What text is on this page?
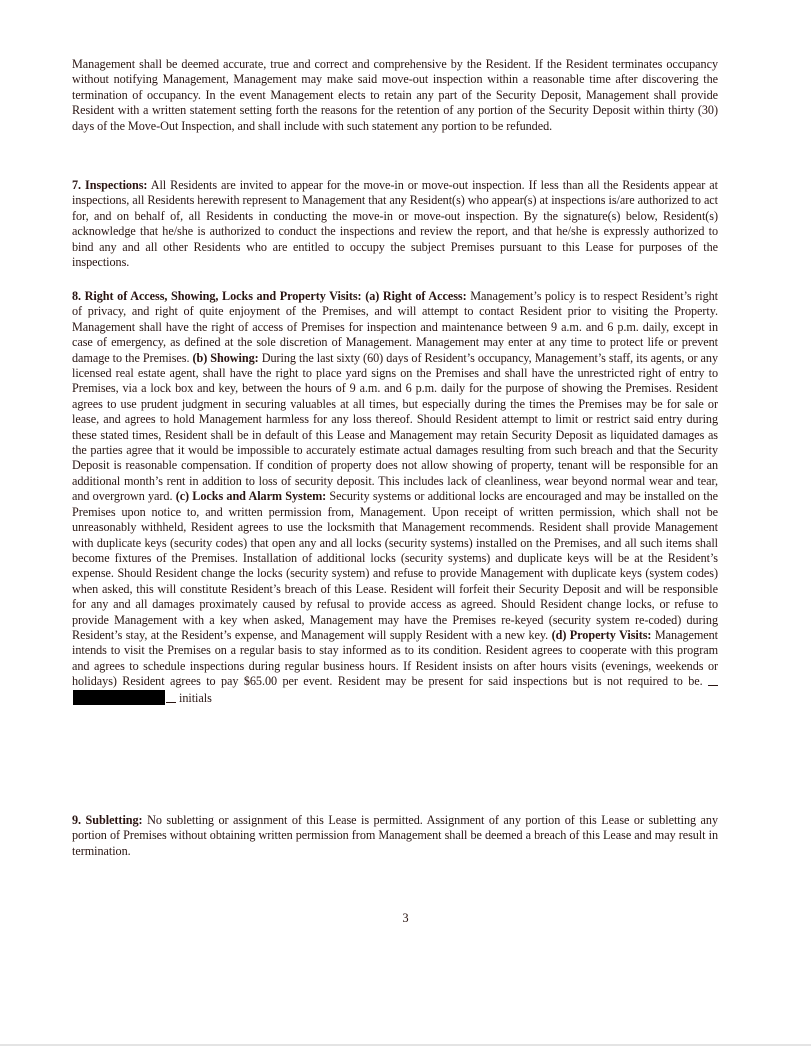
Management shall be deemed accurate, true and correct and comprehensive by the Resident. If the Resident terminates occupancy without notifying Management, Management may make said move-out inspection within a reasonable time after discovering the termination of occupancy. In the event Management elects to retain any part of the Security Deposit, Management shall provide Resident with a written statement setting forth the reasons for the retention of any portion of the Security Deposit within thirty (30) days of the Move-Out Inspection, and shall include with such statement any portion to be refunded.

7. Inspections: All Residents are invited to appear for the move-in or move-out inspection. If less than all the Residents appear at inspections, all Residents herewith represent to Management that any Resident(s) who appear(s) at inspections is/are authorized to act for, and on behalf of, all Residents in conducting the move-in or move-out inspection. By the signature(s) below, Resident(s) acknowledge that he/she is authorized to conduct the inspections and review the report, and that he/she is expressly authorized to bind any and all other Residents who are entitled to occupy the subject Premises pursuant to this Lease for purposes of the inspections.

8. Right of Access, Showing, Locks and Property Visits: (a) Right of Access: Management’s policy is to respect Resident’s right of privacy, and right of quite enjoyment of the Premises, and will attempt to contact Resident prior to visiting the Property. Management shall have the right of access of Premises for inspection and maintenance between 9 a.m. and 6 p.m. daily, except in case of emergency, as defined at the sole discretion of Management. Management may enter at any time to protect life or prevent damage to the Premises. (b) Showing: During the last sixty (60) days of Resident’s occupancy, Management’s staff, its agents, or any licensed real estate agent, shall have the right to place yard signs on the Premises and shall have the unrestricted right of entry to Premises, via a lock box and key, between the hours of 9 a.m. and 6 p.m. daily for the purpose of showing the Premises. Resident agrees to use prudent judgment in securing valuables at all times, but especially during the times the Premises may be for sale or lease, and agrees to hold Management harmless for any loss thereof. Should Resident attempt to limit or restrict said entry during these stated times, Resident shall be in default of this Lease and Management may retain Security Deposit as liquidated damages as the parties agree that it would be impossible to accurately estimate actual damages resulting from such breach and that the Security Deposit is reasonable compensation. If condition of property does not allow showing of property, tenant will be responsible for an additional month’s rent in addition to loss of security deposit. This includes lack of cleanliness, wear beyond normal wear and tear, and overgrown yard. (c) Locks and Alarm System: Security systems or additional locks are encouraged and may be installed on the Premises upon notice to, and written permission from, Management. Upon receipt of written permission, which shall not be unreasonably withheld, Resident agrees to use the locksmith that Management recommends. Resident shall provide Management with duplicate keys (security codes) that open any and all locks (security systems) installed on the Premises, and all such items shall become fixtures of the Premises. Installation of additional locks (security systems) and duplicate keys will be at the Resident’s expense. Should Resident change the locks (security system) and refuse to provide Management with duplicate keys (system codes) when asked, this will constitute Resident’s breach of this Lease. Resident will forfeit their Security Deposit and will be responsible for any and all damages proximately caused by refusal to provide access as agreed. Should Resident change locks, or refuse to provide Management with a key when asked, Management may have the Premises re-keyed (security system re-coded) during Resident’s stay, at the Resident’s expense, and Management will supply Resident with a new key. (d) Property Visits: Management intends to visit the Premises on a regular basis to stay informed as to its condition. Resident agrees to cooperate with this program and agrees to schedule inspections during regular business hours. If Resident insists on after hours visits (evenings, weekends or holidays) Resident agrees to pay $65.00 per event. Resident may be present for said inspections but is not required to be.  initials

9. Subletting: No subletting or assignment of this Lease is permitted. Assignment of any portion of this Lease or subletting any portion of Premises without obtaining written permission from Management shall be deemed a breach of this Lease and may result in termination.

3
